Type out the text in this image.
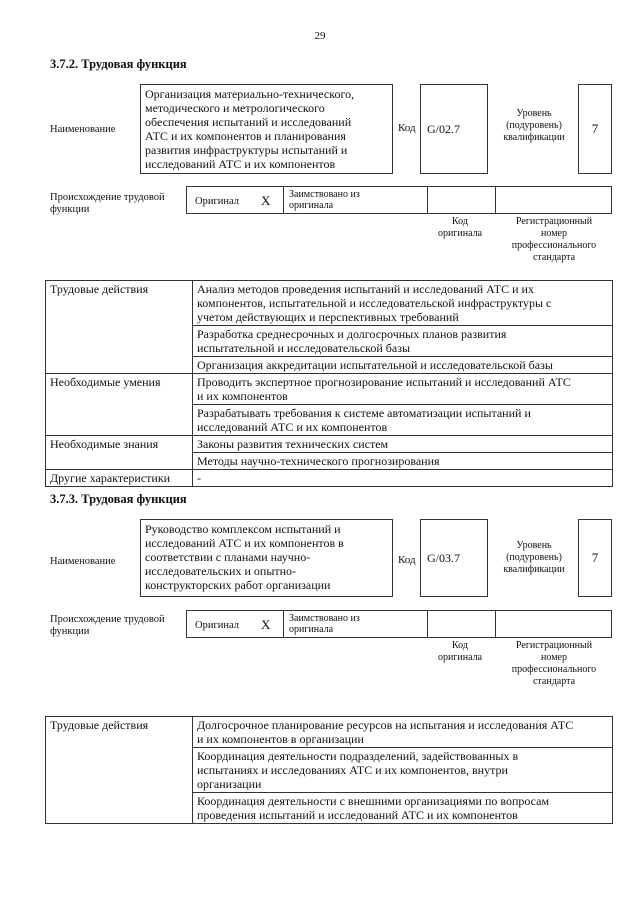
29
3.7.2. Трудовая функция
Наименование
Организация материально-технического,
методического и метрологического
обеспечения испытаний и исследований
АТС и их компонентов и планирования
развития инфраструктуры испытаний и
исследований АТС и их компонентов
Код G/02.7
Уровень
(подуровень)
квалификации
7
Происхождение трудовой
функции
Оригинал X Заимствовано из
оригинала
Код
оригинала
Регистрационный
номер
профессионального
стандарта
Трудовые действия	Анализ методов проведения испытаний и исследований АТС и их
компонентов, испытательной и исследовательской инфраструктуры с
учетом действующих и перспективных требований

	Разработка среднесрочных и долгосрочных планов развития
испытательной и исследовательской базы

	Организация аккредитации испытательной и исследовательской базы

Необходимые умения	Проводить экспертное прогнозирование испытаний и исследований АТС
и их компонентов

	Разрабатывать требования к системе автоматизации испытаний и
исследований АТС и их компонентов

Необходимые знания	Законы развития технических систем

	Методы научно-технического прогнозирования

Другие характеристики	-
3.7.3. Трудовая функция
Наименование
Руководство комплексом испытаний и
исследований АТС и их компонентов в
соответствии с планами научно-
исследовательских и опытно-
конструкторских работ организации
Код G/03.7
Уровень
(подуровень)
квалификации
7
Происхождение трудовой
функции
Оригинал X Заимствовано из
оригинала
Код
оригинала
Регистрационный
номер
профессионального
стандарта
Трудовые действия	Долгосрочное планирование ресурсов на испытания и исследования АТС
и их компонентов в организации

Координация деятельности подразделений, задействованных в
испытаниях и исследованиях АТС и их компонентов, внутри
организации

Координация деятельности с внешними организациями по вопросам
проведения испытаний и исследований АТС и их компонентов
